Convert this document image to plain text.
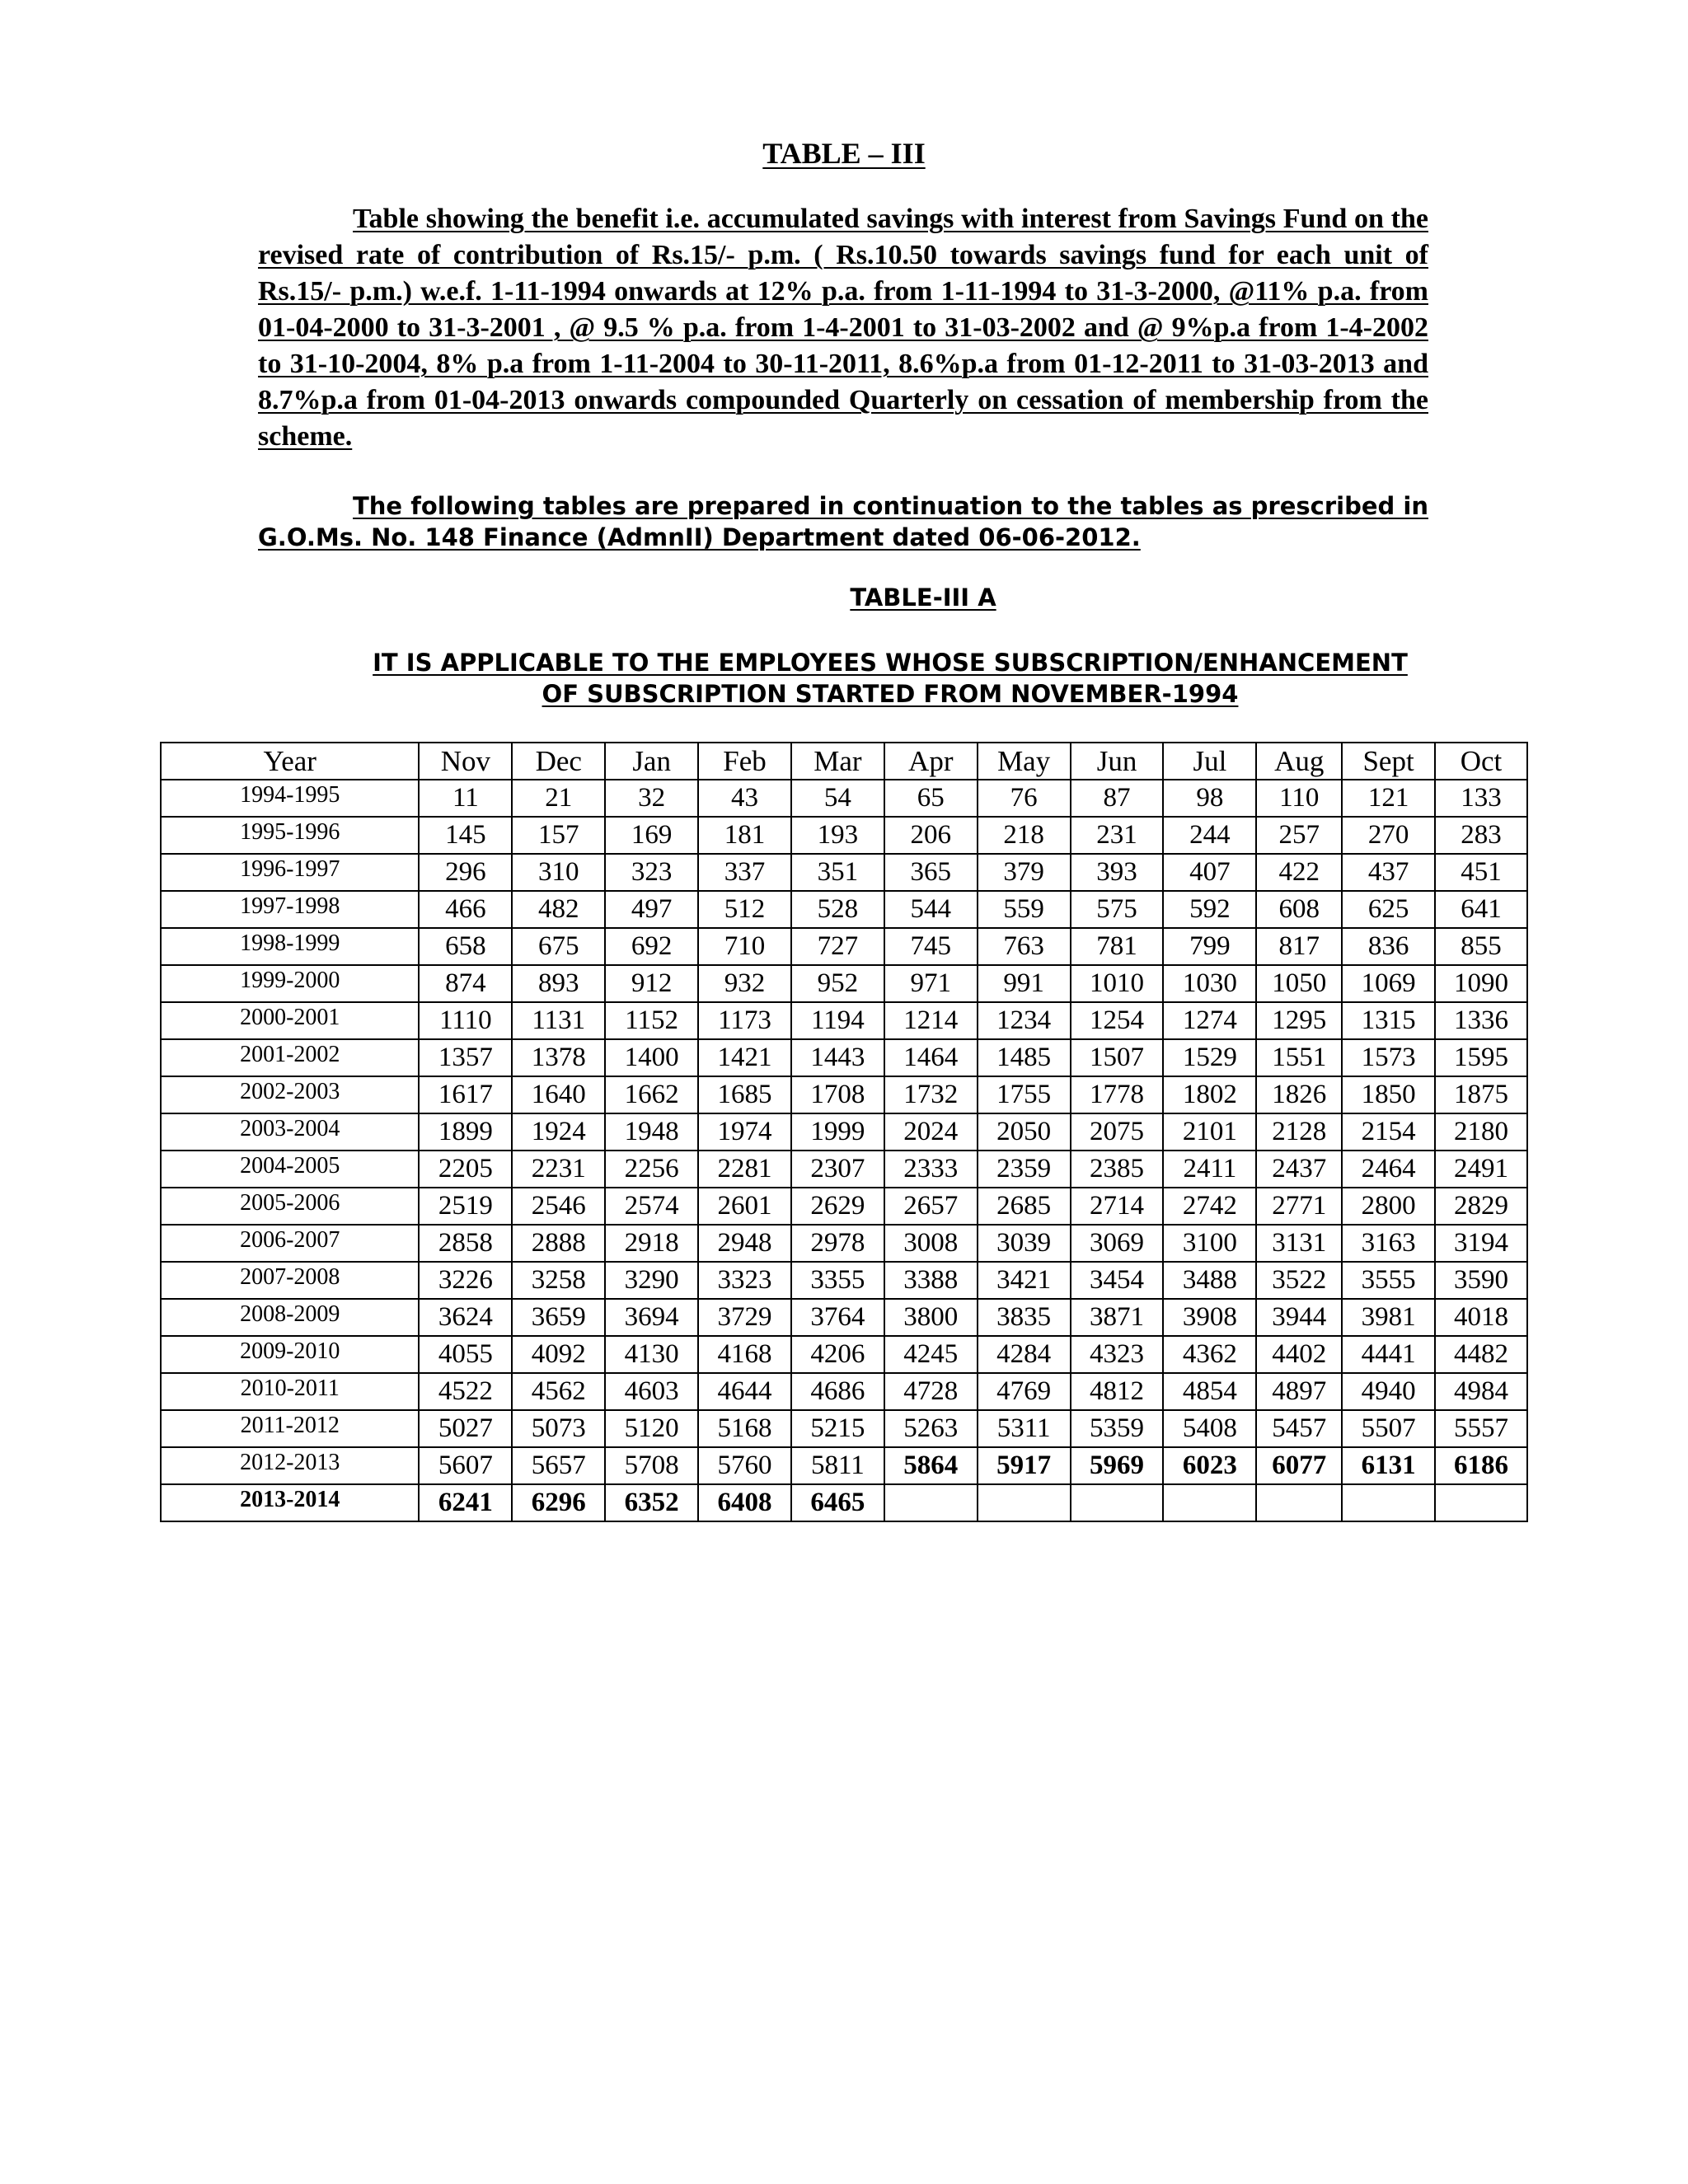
TABLE – III
Table showing the benefit i.e. accumulated savings with interest from Savings Fund on the revised rate of contribution of Rs.15/- p.m. ( Rs.10.50 towards savings fund for each unit of Rs.15/- p.m.) w.e.f. 1-11-1994 onwards at 12% p.a. from 1-11-1994 to 31-3-2000, @11% p.a. from 01-04-2000 to 31-3-2001 , @ 9.5 % p.a. from 1-4-2001 to 31-03-2002 and @ 9%p.a from 1-4-2002 to 31-10-2004, 8% p.a from 1-11-2004 to 30-11-2011, 8.6%p.a from 01-12-2011 to 31-03-2013 and 8.7%p.a from 01-04-2013 onwards compounded Quarterly on cessation of membership from the scheme.
The following tables are prepared in continuation to the tables as prescribed in G.O.Ms. No. 148 Finance (AdmnII) Department dated 06-06-2012.
TABLE-III A
IT IS APPLICABLE TO THE EMPLOYEES WHOSE SUBSCRIPTION/ENHANCEMENT
OF SUBSCRIPTION STARTED FROM NOVEMBER-1994
Year	Nov	Dec	Jan	Feb	Mar	Apr	May	Jun	Jul	Aug	Sept	Oct
1994-1995	11	21	32	43	54	65	76	87	98	110	121	133
1995-1996	145	157	169	181	193	206	218	231	244	257	270	283
1996-1997	296	310	323	337	351	365	379	393	407	422	437	451
1997-1998	466	482	497	512	528	544	559	575	592	608	625	641
1998-1999	658	675	692	710	727	745	763	781	799	817	836	855
1999-2000	874	893	912	932	952	971	991	1010	1030	1050	1069	1090
2000-2001	1110	1131	1152	1173	1194	1214	1234	1254	1274	1295	1315	1336
2001-2002	1357	1378	1400	1421	1443	1464	1485	1507	1529	1551	1573	1595
2002-2003	1617	1640	1662	1685	1708	1732	1755	1778	1802	1826	1850	1875
2003-2004	1899	1924	1948	1974	1999	2024	2050	2075	2101	2128	2154	2180
2004-2005	2205	2231	2256	2281	2307	2333	2359	2385	2411	2437	2464	2491
2005-2006	2519	2546	2574	2601	2629	2657	2685	2714	2742	2771	2800	2829
2006-2007	2858	2888	2918	2948	2978	3008	3039	3069	3100	3131	3163	3194
2007-2008	3226	3258	3290	3323	3355	3388	3421	3454	3488	3522	3555	3590
2008-2009	3624	3659	3694	3729	3764	3800	3835	3871	3908	3944	3981	4018
2009-2010	4055	4092	4130	4168	4206	4245	4284	4323	4362	4402	4441	4482
2010-2011	4522	4562	4603	4644	4686	4728	4769	4812	4854	4897	4940	4984
2011-2012	5027	5073	5120	5168	5215	5263	5311	5359	5408	5457	5507	5557
2012-2013	5607	5657	5708	5760	5811	5864	5917	5969	6023	6077	6131	6186
2013-2014	6241	6296	6352	6408	6465							
